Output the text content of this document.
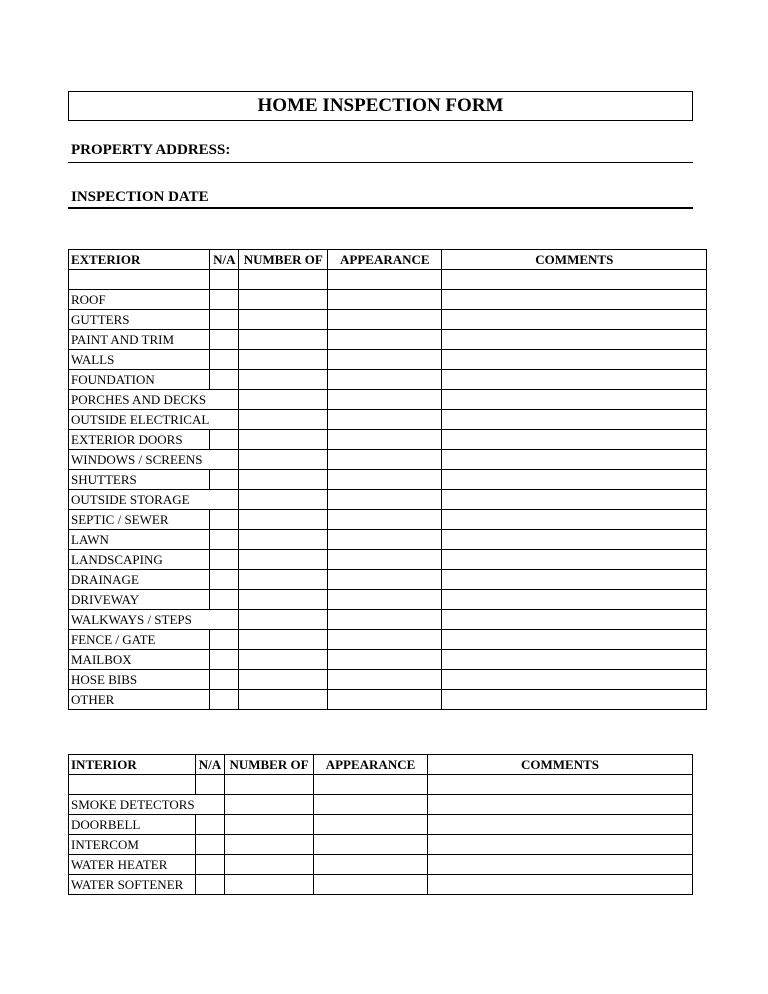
HOME INSPECTION FORM
PROPERTY ADDRESS:
INSPECTION DATE
EXTERIOR	N/A	NUMBER OF	APPEARANCE	COMMENTS

ROOF				
GUTTERS				
PAINT AND TRIM				
WALLS				
FOUNDATION				
PORCHES AND DECKS				
OUTSIDE ELECTRICAL				
EXTERIOR DOORS				
WINDOWS / SCREENS				
SHUTTERS				
OUTSIDE STORAGE				
SEPTIC / SEWER				
LAWN				
LANDSCAPING				
DRAINAGE				
DRIVEWAY				
WALKWAYS / STEPS				
FENCE / GATE				
MAILBOX				
HOSE BIBS				
OTHER				
INTERIOR	N/A	NUMBER OF	APPEARANCE	COMMENTS

SMOKE DETECTORS				
DOORBELL				
INTERCOM				
WATER HEATER				
WATER SOFTENER				
